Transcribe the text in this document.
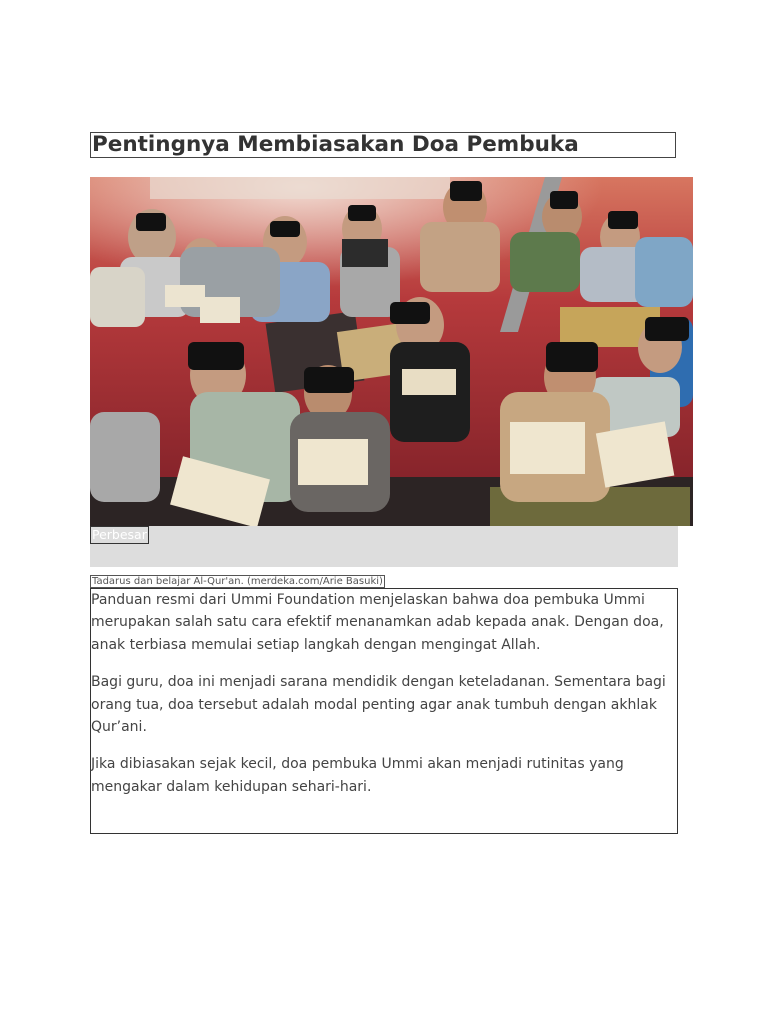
Pentingnya Membiasakan Doa Pembuka
Perbesar
Tadarus dan belajar Al-Qur'an. (merdeka.com/Arie Basuki)

Panduan resmi dari Ummi Foundation menjelaskan bahwa doa pembuka Ummi merupakan salah satu cara efektif menanamkan adab kepada anak. Dengan doa, anak terbiasa memulai setiap langkah dengan mengingat Allah.

Bagi guru, doa ini menjadi sarana mendidik dengan keteladanan. Sementara bagi orang tua, doa tersebut adalah modal penting agar anak tumbuh dengan akhlak Qur’ani.

Jika dibiasakan sejak kecil, doa pembuka Ummi akan menjadi rutinitas yang mengakar dalam kehidupan sehari-hari.
